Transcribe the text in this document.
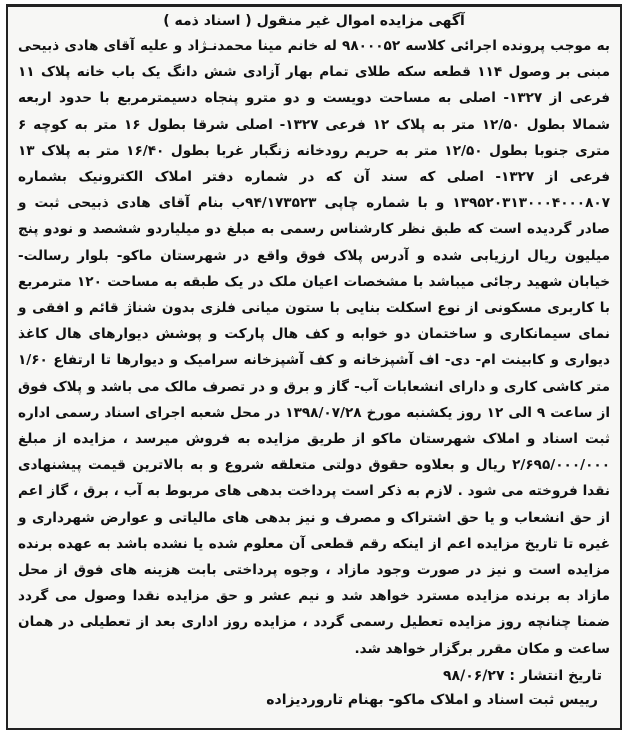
آگهی مزایده اموال غیر منقول ( اسناد ذمه )
به موجب پرونده اجرائی کلاسه ۹۸۰۰۰۵۲ له خانم مینا محمدنـژاد و علیه آقای هادی ذبیحی مبنی بر وصول ۱۱۴ قطعه سکه طلای تمام بهار آزادی شش دانگ یک باب خانه پلاک ۱۱ فرعی از ۱۳۲۷- اصلی به مساحت دویست و دو مترو پنجاه دسیمترمربع با حدود اربعه شمالا بطول ۱۲/۵۰ متر به پلاک ۱۲ فرعی ۱۳۲۷- اصلی شرقا بطول ۱۶ متر به کوچه ۶ متری جنوبا بطول ۱۲/۵۰ متر به حریم رودخانه زنگبار غربا بطول ۱۶/۴۰ متر به پلاک ۱۳ فرعی از ۱۳۲۷- اصلی که سند آن که در شماره دفتر املاک الکترونیک بشماره ۱۳۹۵۲۰۳۱۳۰۰۰۴۰۰۰۸۰۷ و با شماره چاپی ۹۴/۱۷۳۵۲۳ب بنام آقای هادی ذبیحی ثبت و صادر گردیده است که طبق نظر کارشناس رسمی به مبلغ دو میلیاردو ششصد و نودو پنج میلیون ریال ارزیابی شده و آدرس پلاک فوق واقع در شهرستان ماکو- بلوار رسالت- خیابان شهید رجائی میباشد با مشخصات اعیان ملک در یک طبقه به مساحت ۱۲۰ مترمربع با کاربری مسکونی از نوع اسکلت بنایی با ستون میانی فلزی بدون شناژ قائم و افقی و نمای سیمانکاری و ساختمان دو خوابه و کف هال پارکت و پوشش دیوارهای هال کاغذ دیواری و کابینت ام- دی- اف آشپزخانه و کف آشپزخانه سرامیک و دیوارها تا ارتفاع ۱/۶۰ متر کاشی کاری و دارای انشعابات آب- گاز و برق و در تصرف مالک می باشد و پلاک فوق از ساعت ۹ الی ۱۲ روز یکشنبه مورخ ۱۳۹۸/۰۷/۲۸ در محل شعبه اجرای اسناد رسمی اداره ثبت اسناد و املاک شهرستان ماکو از طریق مزایده به فروش میرسد ، مزایده از مبلغ ۲/۶۹۵/۰۰۰/۰۰۰ ریال و بعلاوه حقوق دولتی متعلقه شروع و به بالاترین قیمت پیشنهادی نقدا فروخته می شود . لازم به ذکر است پرداخت بدهی های مربوط به آب ، برق ، گاز اعم از حق انشعاب و یا حق اشتراک و مصرف و نیز بدهی های مالیاتی و عوارض شهرداری و غیره تا تاریخ مزایده اعم از اینکه رقم قطعی آن معلوم شده یا نشده باشد به عهده برنده مزایده است و نیز در صورت وجود مازاد ، وجوه پرداختی بابت هزینه های فوق از محل مازاد به برنده مزایده مسترد خواهد شد و نیم عشر و حق مزایده نقدا وصول می گردد ضمنا چنانچه روز مزایده تعطیل رسمی گردد ، مزایده روز اداری بعد از تعطیلی در همان ساعت و مکان مقرر برگزار خواهد شد.
تاریخ انتشار : ۹۸/۰۶/۲۷
رییس ثبت اسناد و املاک ماکو- بهنام تاروردیزاده
